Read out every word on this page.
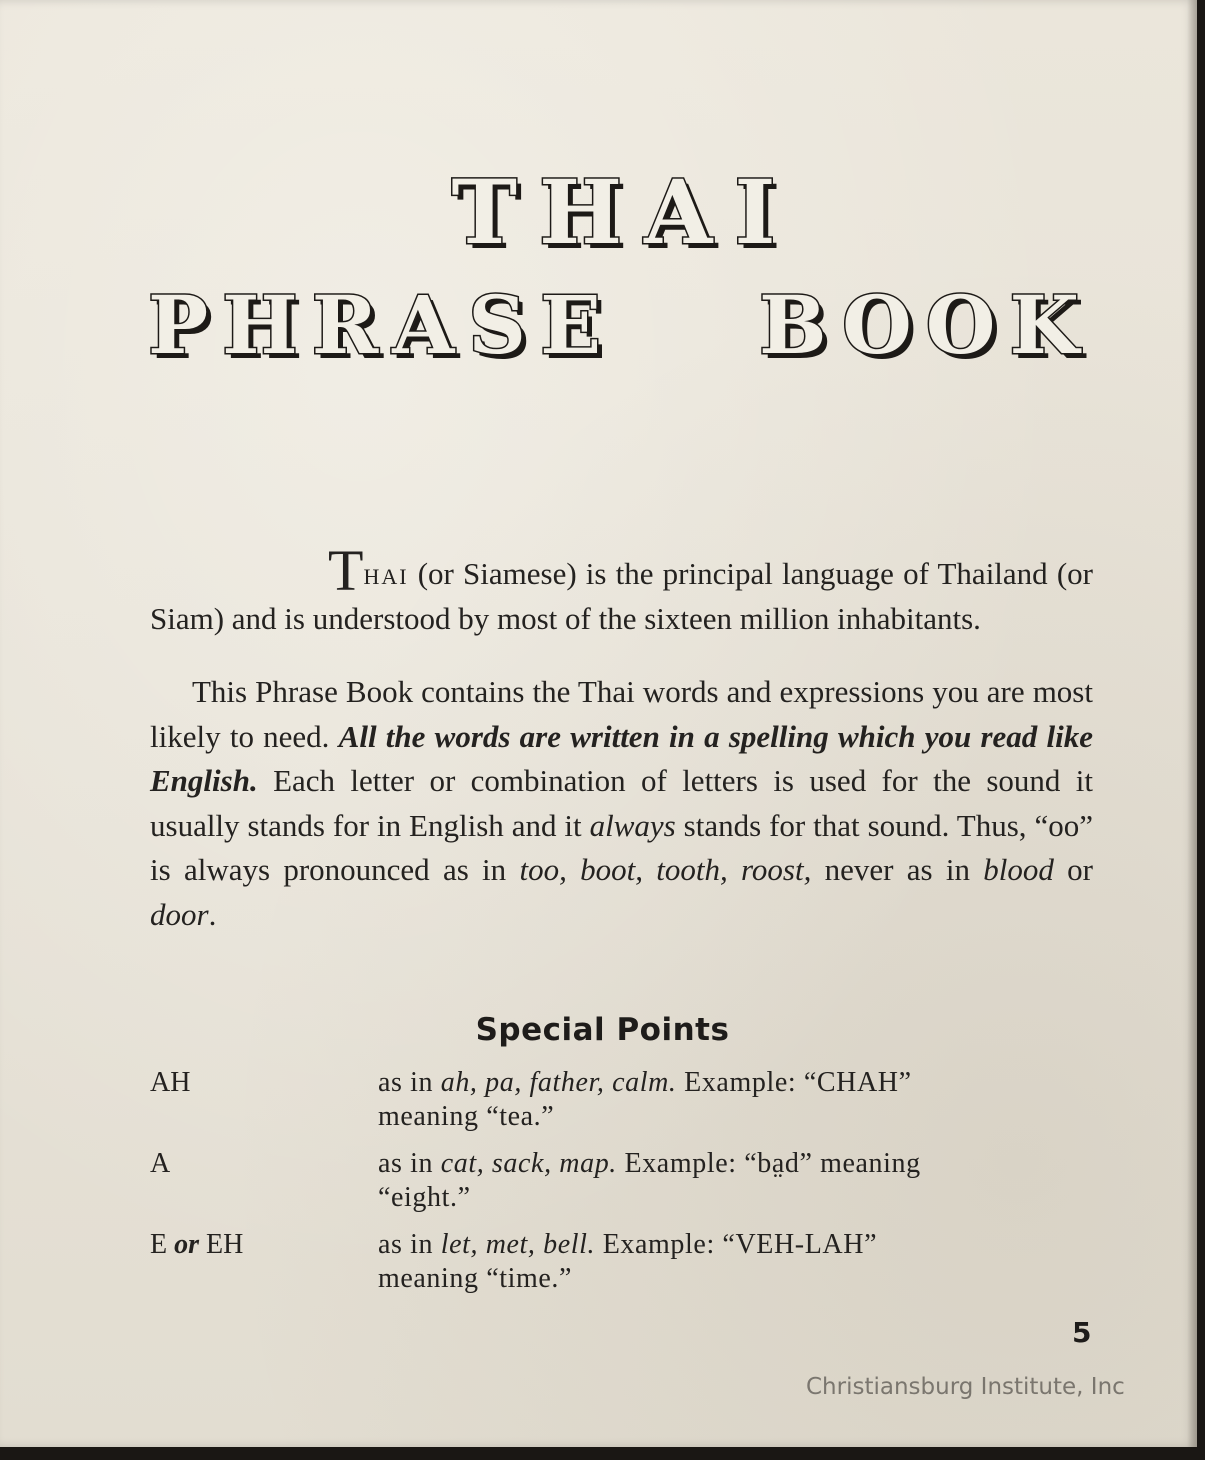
THAI
PHRASE BOOK

Thai (or Siamese) is the principal language of Thailand (or Siam) and is understood by most of the sixteen million inhabitants.

This Phrase Book contains the Thai words and expressions you are most likely to need. All the words are written in a spelling which you read like English. Each letter or combination of letters is used for the sound it usually stands for in English and it always stands for that sound. Thus, “oo” is always pronounced as in too, boot, tooth, roost, never as in blood or door.

Special Points
AH	as in ah, pa, father, calm. Example: “CHAH”
meaning “tea.”
A	as in cat, sack, map. Example: “ba̤d” meaning
“eight.”
E or EH	as in let, met, bell. Example: “VEH-LAH”
meaning “time.”
5
Christiansburg Institute, Inc
